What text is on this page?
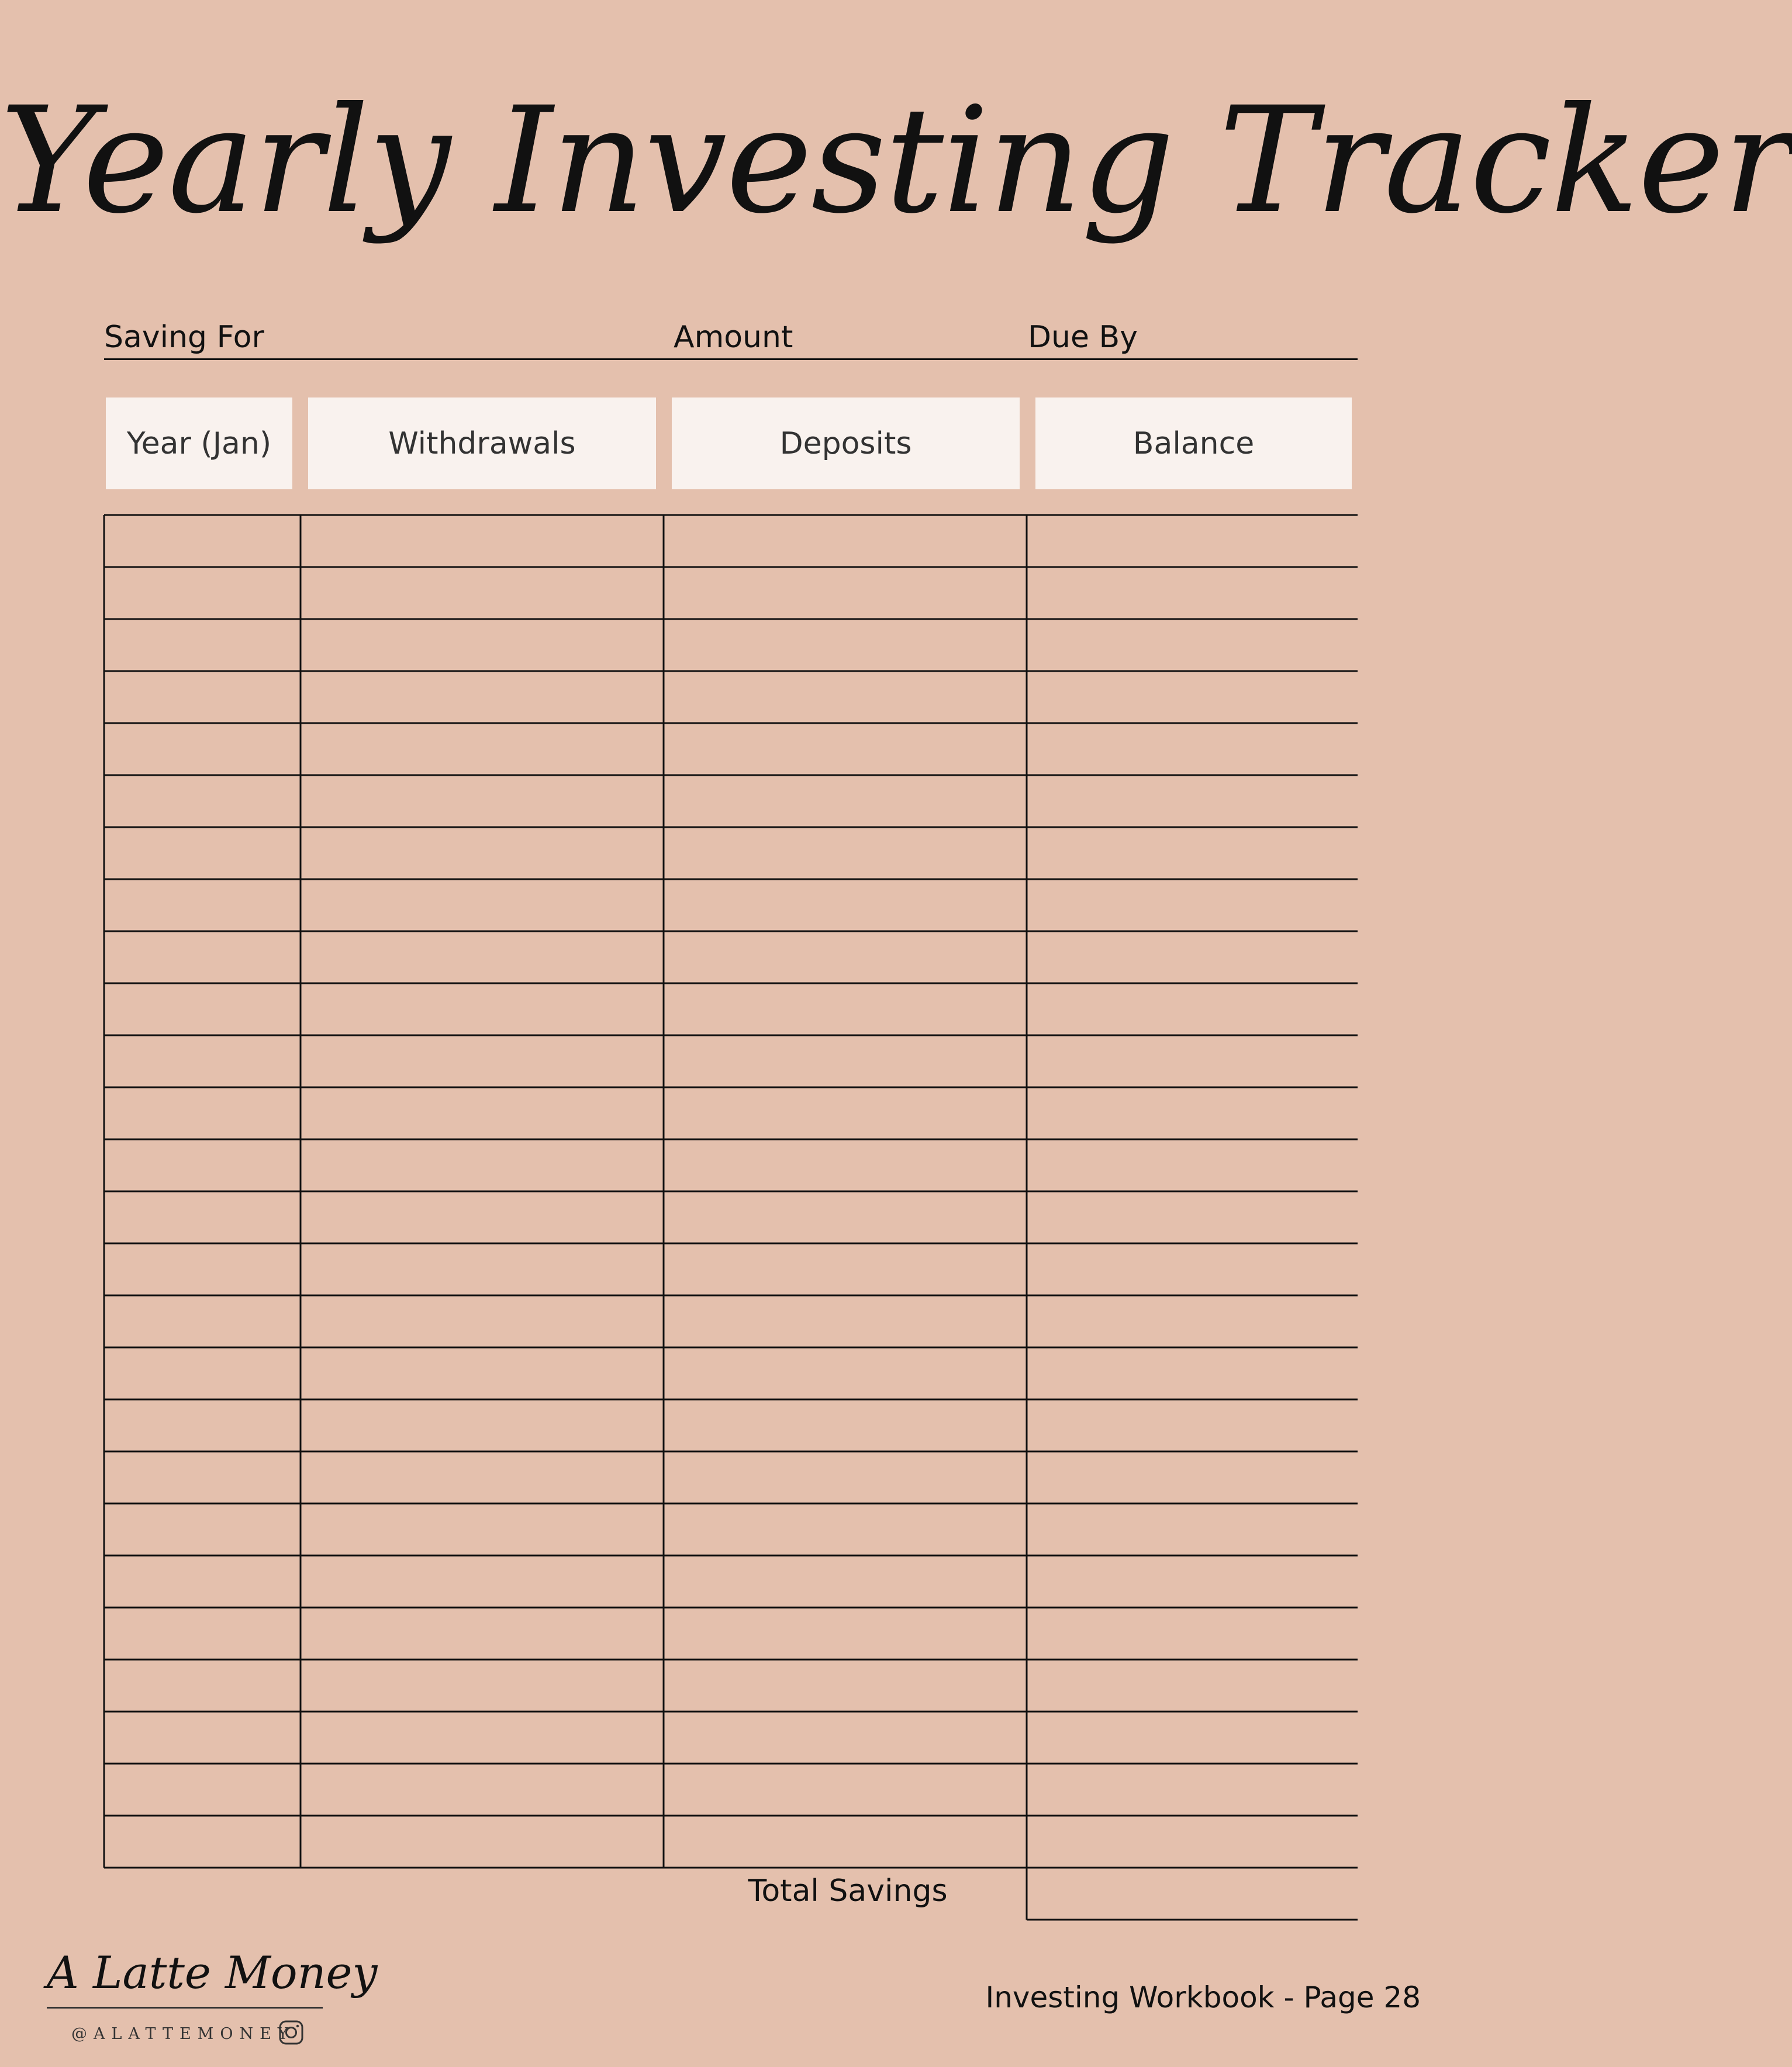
Yearly Investing Tracker
Saving For	Amount	Due By
Year (Jan)	Withdrawals	Deposits	Balance
Total Savings
A Latte Money
@ALATTEMONEY
Investing Workbook - Page 28
